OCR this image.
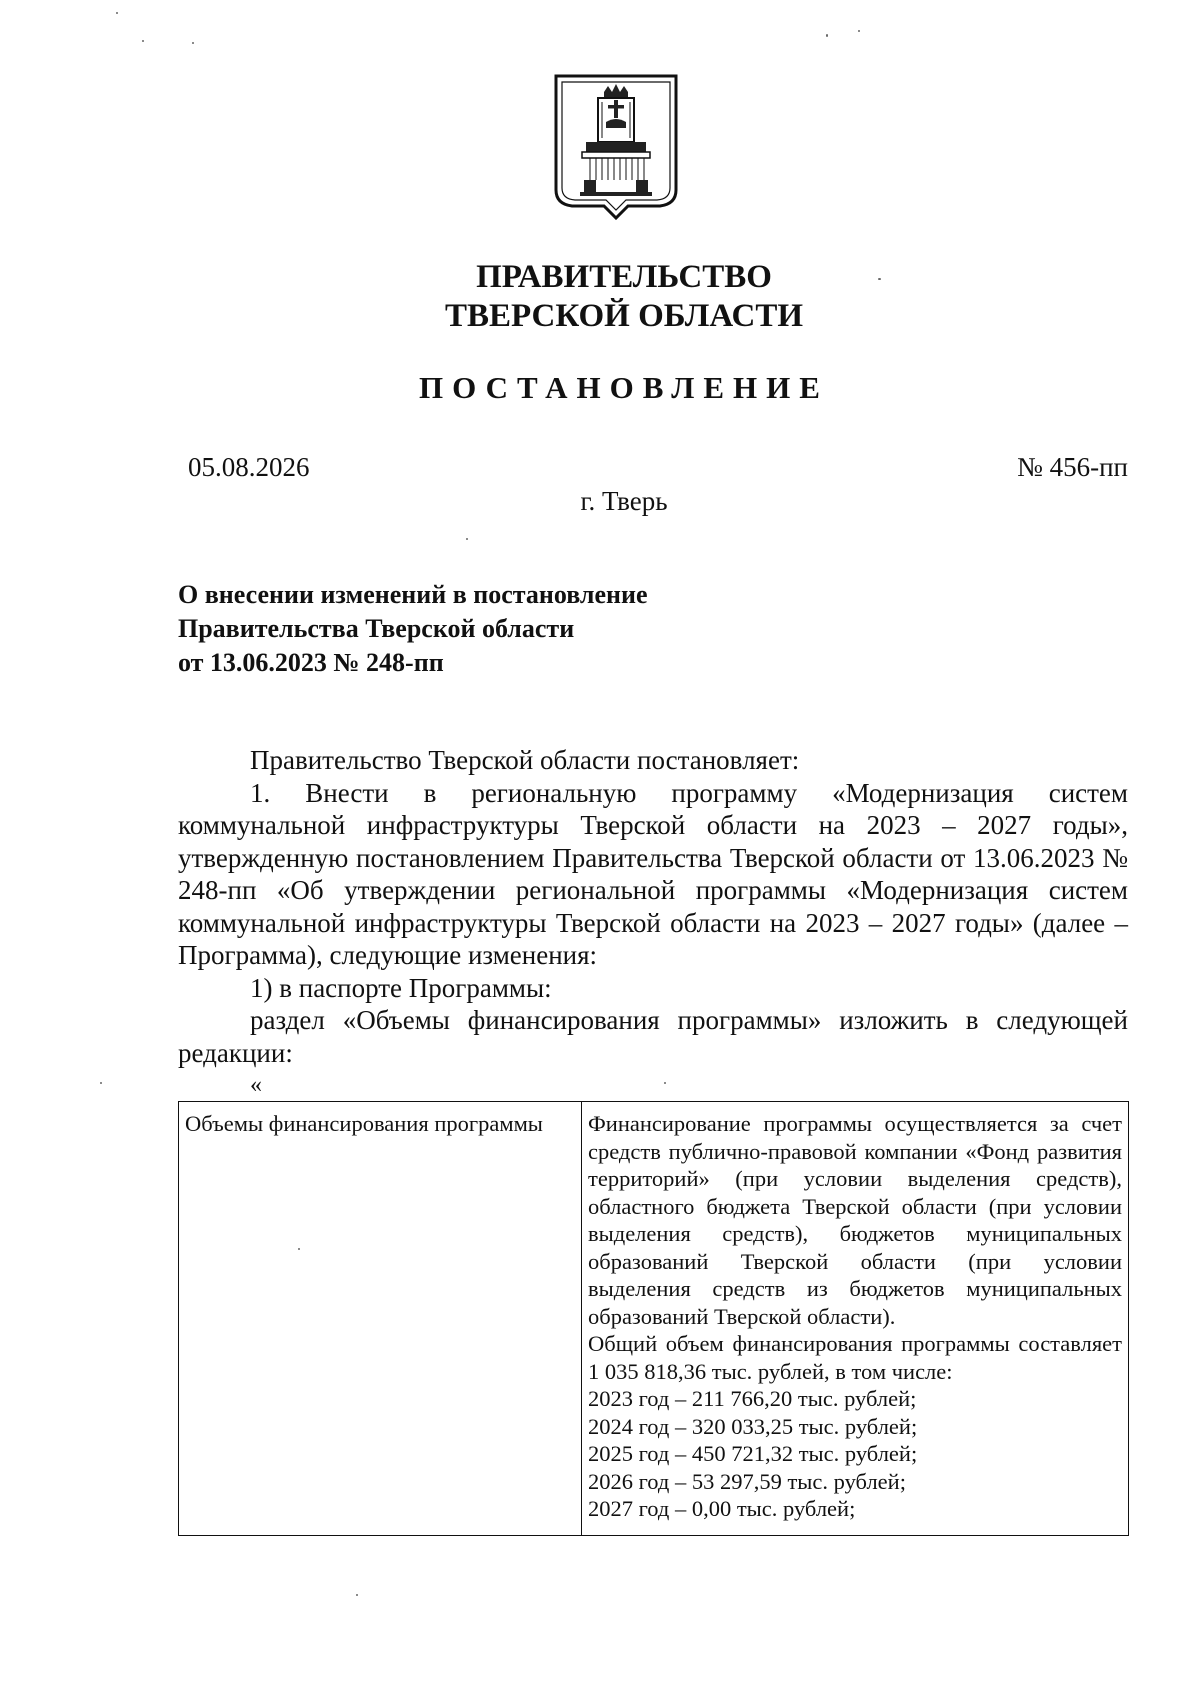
ПРАВИТЕЛЬСТВО
ТВЕРСКОЙ ОБЛАСТИ
ПОСТАНОВЛЕНИЕ
05.08.2026	№ 456-пп
г. Тверь
О внесении изменений в постановление
Правительства Тверской области
от 13.06.2023 № 248-пп

Правительство Тверской области постановляет:

1. Внести в региональную программу «Модернизация систем коммунальной инфраструктуры Тверской области на 2023 – 2027 годы», утвержденную постановлением Правительства Тверской области от 13.06.2023 № 248-пп «Об утверждении региональной программы «Модернизация систем коммунальной инфраструктуры Тверской области на 2023 – 2027 годы» (далее – Программа), следующие изменения:

1) в паспорте Программы:

раздел «Объемы финансирования программы» изложить в следующей редакции:

«
Объемы финансирования программы	Финансирование программы осуществляется за счет средств публично-правовой компании «Фонд развития территорий» (при условии выделения средств), областного бюджета Тверской области (при условии выделения средств), бюджетов муниципальных образований Тверской области (при условии выделения средств из бюджетов муниципальных образований Тверской области).
Общий объем финансирования программы составляет 1 035 818,36 тыс. рублей, в том числе:
2023 год – 211 766,20 тыс. рублей;
2024 год – 320 033,25 тыс. рублей;
2025 год – 450 721,32 тыс. рублей;
2026 год – 53 297,59 тыс. рублей;
2027 год – 0,00 тыс. рублей;
